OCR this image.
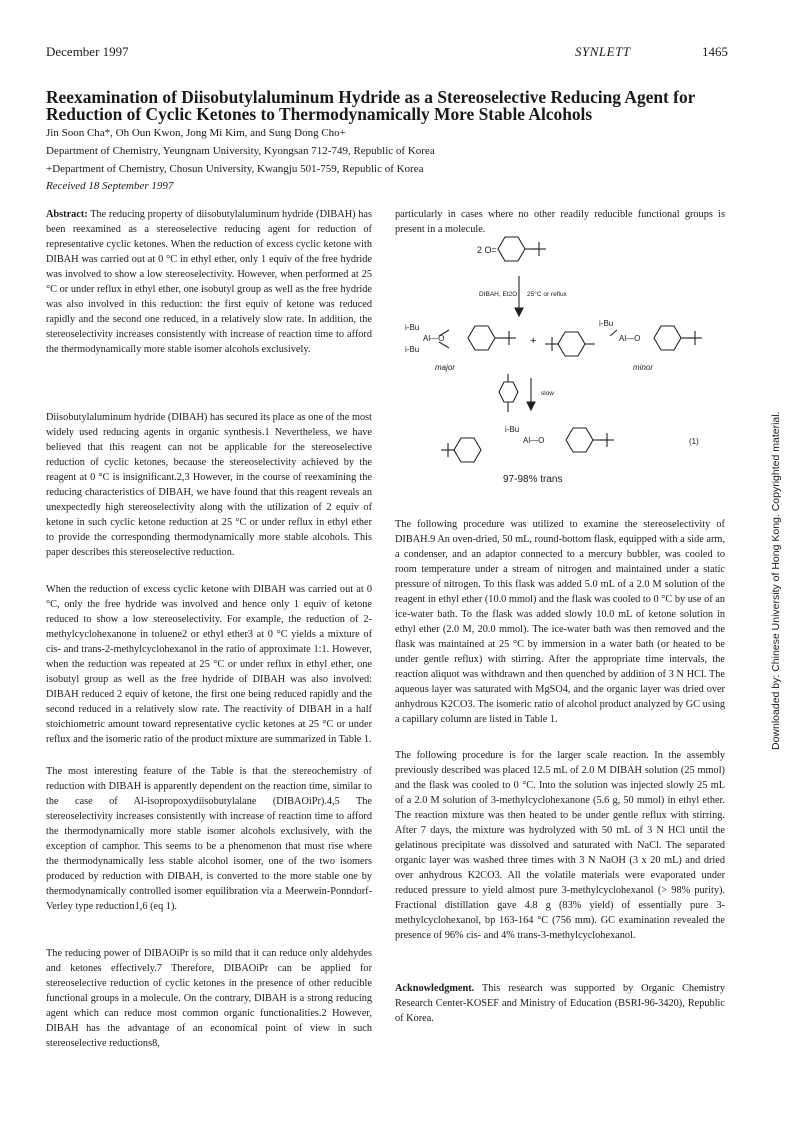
December 1997	SYNLETT	1465
Reexamination of Diisobutylaluminum Hydride as a Stereoselective Reducing Agent for Reduction of Cyclic Ketones to Thermodynamically More Stable Alcohols
Jin Soon Cha*, Oh Oun Kwon, Jong Mi Kim, and Sung Dong Cho+
Department of Chemistry, Yeungnam University, Kyongsan 712-749, Republic of Korea
+Department of Chemistry, Chosun University, Kwangju 501-759, Republic of Korea
Received 18 September 1997

Abstract: The reducing property of diisobutylaluminum hydride (DIBAH) has been reexamined as a stereoselective reducing agent for reduction of representative cyclic ketones. When the reduction of excess cyclic ketone with DIBAH was carried out at 0 °C in ethyl ether, only 1 equiv of the free hydride was involved to show a low stereoselectivity. However, when performed at 25 °C or under reflux in ethyl ether, one isobutyl group as well as the free hydride was also involved in this reduction: the first equiv of ketone was reduced rapidly and the second one reduced, in a relatively slow rate. In addition, the stereoselectivity increases consistently with increase of reaction time to afford the thermodynamically more stable isomer alcohols exclusively.

Diisobutylaluminum hydride (DIBAH) has secured its place as one of the most widely used reducing agents in organic synthesis.1 Nevertheless, we have believed that this reagent can not be applicable for the stereoselective reduction of cyclic ketones, because the stereoselectivity achieved by the reagent at 0 °C is insignificant.2,3 However, in the course of reexamining the reducing characteristics of DIBAH, we have found that this reagent reveals an unexpectedly high stereoselectivity along with the utilization of 2 equiv of ketone in such cyclic ketone reduction at 25 °C or under reflux in ethyl ether to provide the corresponding thermodynamically more stable alcohols. This paper describes this stereoselective reduction.

When the reduction of excess cyclic ketone with DIBAH was carried out at 0 °C, only the free hydride was involved and hence only 1 equiv of ketone reduced to show a low stereoselectivity. For example, the reduction of 2-methylcyclohexanone in toluene2 or ethyl ether3 at 0 °C yields a mixture of cis- and trans-2-methylcyclohexanol in the ratio of approximate 1:1. However, when the reduction was repeated at 25 °C or under reflux in ethyl ether, one isobutyl group as well as the free hydride of DIBAH was also involved: DIBAH reduced 2 equiv of ketone, the first one being reduced rapidly and the second reduced in a relatively slow rate. The reactivity of DIBAH in a half stoichiometric amount toward representative cyclic ketones at 25 °C or under reflux and the isomeric ratio of the product mixture are summarized in Table 1.

The most interesting feature of the Table is that the stereochemistry of reduction with DIBAH is apparently dependent on the reaction time, similar to the case of Al-isopropoxydiisobutylalane (DIBAOiPr).4,5 The stereoselectivity increases consistently with increase of reaction time to afford the thermodynamically more stable isomer alcohols exclusively, with the exception of camphor. This seems to be a phenomenon that must rise where the thermodynamically less stable alcohol isomer, one of the two isomers produced by reduction with DIBAH, is converted to the more stable one by thermodynamically controlled isomer equilibration via a Meerwein-Ponndorf-Verley type reduction1,6 (eq 1).

The reducing power of DIBAOiPr is so mild that it can reduce only aldehydes and ketones effectively.7 Therefore, DIBAOiPr can be applied for stereoselective reduction of cyclic ketones in the presence of other reducible functional groups in a molecule. On the contrary, DIBAH is a strong reducing agent which can reduce most common organic functionalities.2 However, DIBAH has the advantage of an economical point of view in such stereoselective reductions8,

particularly in cases where no other readily reducible functional groups is present in a molecule.

2 O=
DIBAH, Et2O 25°C or reflux
i-Bu
i-Bu
Al—O	+
i-Bu
Al—O
major	minor
slow
i-Bu
Al—O	(1)
97-98% trans

The following procedure was utilized to examine the stereoselectivity of DIBAH.9 An oven-dried, 50 mL, round-bottom flask, equipped with a side arm, a condenser, and an adaptor connected to a mercury bubbler, was cooled to room temperature under a stream of nitrogen and maintained under a static pressure of nitrogen. To this flask was added 5.0 mL of a 2.0 M solution of the reagent in ethyl ether (10.0 mmol) and the flask was cooled to 0 °C by use of an ice-water bath. To the flask was added slowly 10.0 mL of ketone solution in ethyl ether (2.0 M, 20.0 mmol). The ice-water bath was then removed and the flask was maintained at 25 °C by immersion in a water bath (or heated to be under gentle reflux) with stirring. After the appropriate time intervals, the reaction aliquot was withdrawn and then quenched by addition of 3 N HCl. The aqueous layer was saturated with MgSO4, and the organic layer was dried over anhydrous K2CO3. The isomeric ratio of alcohol product analyzed by GC using a capillary column are listed in Table 1.

The following procedure is for the larger scale reaction. In the assembly previously described was placed 12.5 mL of 2.0 M DIBAH solution (25 mmol) and the flask was cooled to 0 °C. Into the solution was injected slowly 25 mL of a 2.0 M solution of 3-methylcyclohexanone (5.6 g, 50 mmol) in ethyl ether. The reaction mixture was then heated to be under gentle reflux with stirring. After 7 days, the mixture was hydrolyzed with 50 mL of 3 N HCl until the gelatinous precipitate was dissolved and saturated with NaCl. The separated organic layer was washed three times with 3 N NaOH (3 x 20 mL) and dried over anhydrous K2CO3. All the volatile materials were evaporated under reduced pressure to yield almost pure 3-methylcyclohexanol (> 98% purity). Fractional distillation gave 4.8 g (83% yield) of essentially pure 3-methylcyclohexanol, bp 163-164 °C (756 mm). GC examination revealed the presence of 96% cis- and 4% trans-3-methylcyclohexanol.

Acknowledgment. This research was supported by Organic Chemistry Research Center-KOSEF and Ministry of Education (BSRI-96-3420), Republic of Korea.

Downloaded by: Chinese University of Hong Kong. Copyrighted material.
